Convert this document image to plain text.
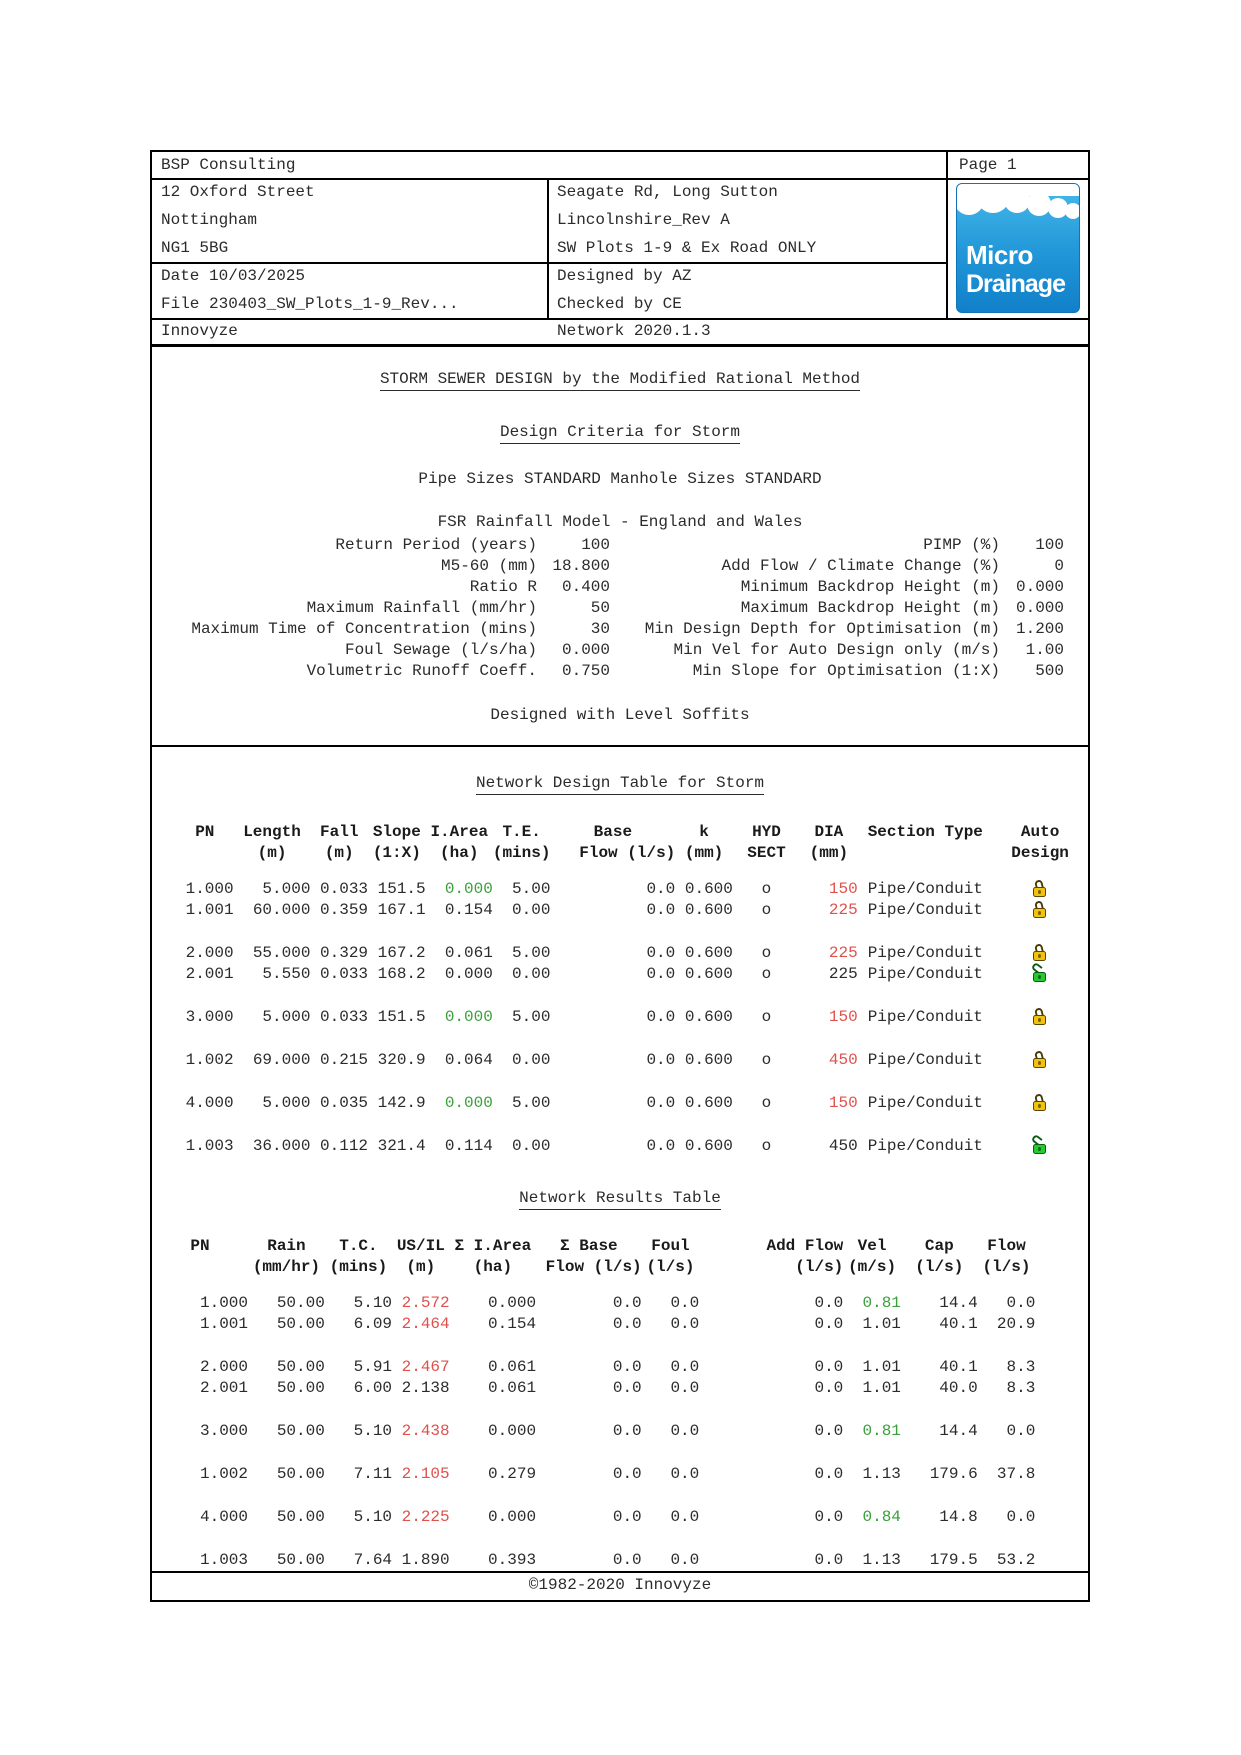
BSP Consulting	Page 1
12 Oxford Street
Nottingham
NG1 5BG
Seagate Rd, Long Sutton
Lincolnshire_Rev A
SW Plots 1-9 & Ex Road ONLY
Date 10/03/2025
File 230403_SW_Plots_1-9_Rev...
Designed by AZ
Checked by CE
Innovyze	Network 2020.1.3
Micro
Drainage
STORM SEWER DESIGN by the Modified Rational Method
Design Criteria for Storm
Pipe Sizes STANDARD Manhole Sizes STANDARD
FSR Rainfall Model - England and Wales
Return Period (years)	100	PIMP (%)	100
M5-60 (mm) 18.800	Add Flow / Climate Change (%)	0
Ratio R	0.400	Minimum Backdrop Height (m) 0.000
Maximum Rainfall (mm/hr)	50	Maximum Backdrop Height (m) 0.000
Maximum Time of Concentration (mins)	30	Min Design Depth for Optimisation (m) 1.200
Foul Sewage (l/s/ha)	0.000	Min Vel for Auto Design only (m/s)	1.00
Volumetric Runoff Coeff.	0.750	Min Slope for Optimisation (1:X)	500
Designed with Level Soffits
Network Design Table for Storm
PN	Length	Fall Slope I.Area T.E.	Base	k	HYD	DIA	Section Type	Auto
(m)	(m)	(1:X)	(ha) (mins)	Flow (l/s) (mm)	SECT	(mm)	Design
1.000	5.000 0.033 151.5	0.000	5.00	0.0 0.600	o	150 Pipe/Conduit
1.001	60.000 0.359 167.1	0.154	0.00	0.0 0.600	o	225 Pipe/Conduit
2.000	55.000 0.329 167.2	0.061	5.00	0.0 0.600	o	225 Pipe/Conduit
2.001	5.550 0.033 168.2	0.000	0.00	0.0 0.600	o	225 Pipe/Conduit
3.000	5.000 0.033 151.5	0.000	5.00	0.0 0.600	o	150 Pipe/Conduit
1.002	69.000 0.215 320.9	0.064	0.00	0.0 0.600	o	450 Pipe/Conduit
4.000	5.000 0.035 142.9	0.000	5.00	0.0 0.600	o	150 Pipe/Conduit
1.003	36.000 0.112 321.4	0.114	0.00	0.0 0.600	o	450 Pipe/Conduit
Network Results Table
PN	Rain	T.C.	US/IL Σ I.Area	Σ Base	Foul	Add Flow Vel	Cap	Flow
(mm/hr) (mins)	(m)	(ha)	Flow (l/s) (l/s)	(l/s) (m/s)	(l/s)	(l/s)
1.000	50.00	5.10 2.572	0.000	0.0	0.0	0.0	0.81	14.4	0.0
1.001	50.00	6.09 2.464	0.154	0.0	0.0	0.0	1.01	40.1	20.9
2.000	50.00	5.91 2.467	0.061	0.0	0.0	0.0	1.01	40.1	8.3
2.001	50.00	6.00 2.138	0.061	0.0	0.0	0.0	1.01	40.0	8.3
3.000	50.00	5.10 2.438	0.000	0.0	0.0	0.0	0.81	14.4	0.0
1.002	50.00	7.11 2.105	0.279	0.0	0.0	0.0	1.13	179.6	37.8
4.000	50.00	5.10 2.225	0.000	0.0	0.0	0.0	0.84	14.8	0.0
1.003	50.00	7.64 1.890	0.393	0.0	0.0	0.0	1.13	179.5	53.2
©1982-2020 Innovyze
